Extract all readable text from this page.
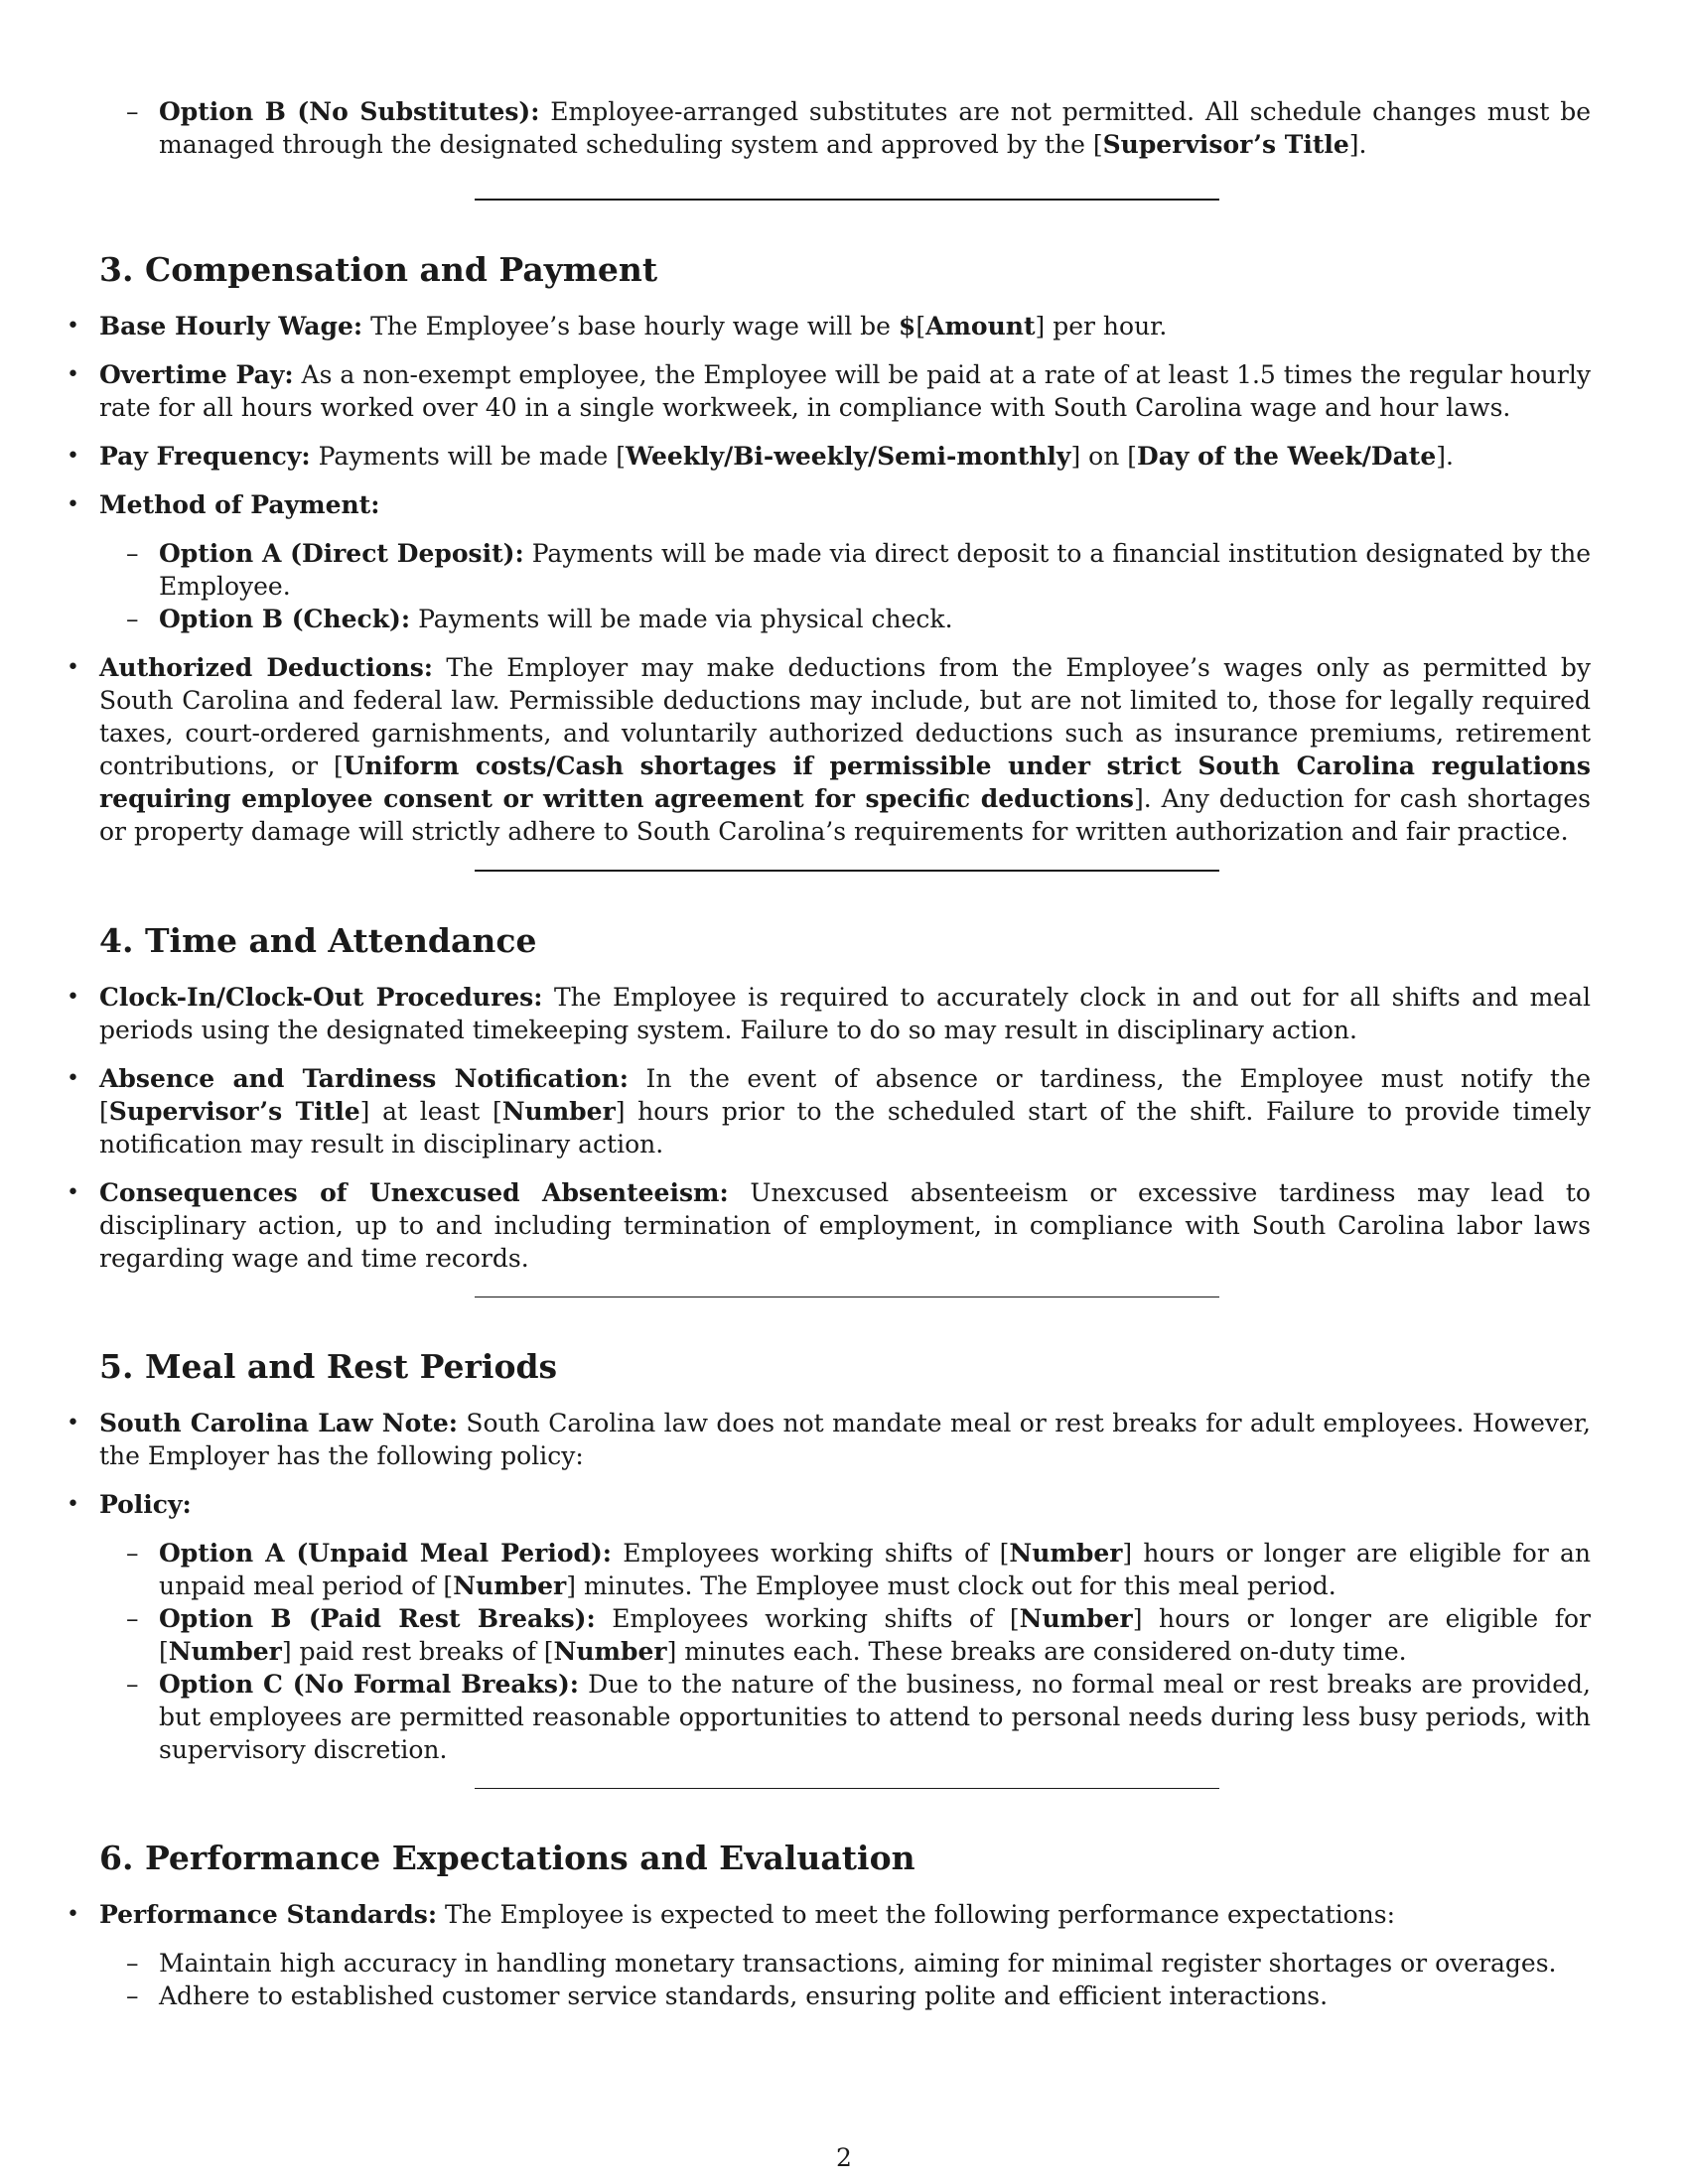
– Option B (No Substitutes): Employee-arranged substitutes are not permitted. All schedule changes must be managed through the designated scheduling system and approved by the [Supervisor’s Title].
3. Compensation and Payment
• Base Hourly Wage: The Employee’s base hourly wage will be $[Amount] per hour.
• Overtime Pay: As a non-exempt employee, the Employee will be paid at a rate of at least 1.5 times the regular hourly rate for all hours worked over 40 in a single workweek, in compliance with South Carolina wage and hour laws.
• Pay Frequency: Payments will be made [Weekly/Bi-weekly/Semi-monthly] on [Day of the Week/Date].
• Method of Payment:
– Option A (Direct Deposit): Payments will be made via direct deposit to a financial institution designated by the Employee.
– Option B (Check): Payments will be made via physical check.
• Authorized Deductions: The Employer may make deductions from the Employee’s wages only as permitted by South Carolina and federal law. Permissible deductions may include, but are not limited to, those for legally required taxes, court-ordered garnishments, and voluntarily authorized deductions such as insurance premiums, retirement contributions, or [Uniform costs/Cash shortages if permissible under strict South Carolina regulations requiring employee consent or written agreement for specific deductions]. Any deduction for cash shortages or property damage will strictly adhere to South Carolina’s requirements for written authorization and fair practice.
4. Time and Attendance
• Clock-In/Clock-Out Procedures: The Employee is required to accurately clock in and out for all shifts and meal periods using the designated timekeeping system. Failure to do so may result in disciplinary action.
• Absence and Tardiness Notification: In the event of absence or tardiness, the Employee must notify the [Supervisor’s Title] at least [Number] hours prior to the scheduled start of the shift. Failure to provide timely notification may result in disciplinary action.
• Consequences of Unexcused Absenteeism: Unexcused absenteeism or excessive tardiness may lead to disciplinary action, up to and including termination of employment, in compliance with South Carolina labor laws regarding wage and time records.
5. Meal and Rest Periods
• South Carolina Law Note: South Carolina law does not mandate meal or rest breaks for adult employees. However, the Employer has the following policy:
• Policy:
– Option A (Unpaid Meal Period): Employees working shifts of [Number] hours or longer are eligible for an unpaid meal period of [Number] minutes. The Employee must clock out for this meal period.
– Option B (Paid Rest Breaks): Employees working shifts of [Number] hours or longer are eligible for [Number] paid rest breaks of [Number] minutes each. These breaks are considered on-duty time.
– Option C (No Formal Breaks): Due to the nature of the business, no formal meal or rest breaks are provided, but employees are permitted reasonable opportunities to attend to personal needs during less busy periods, with supervisory discretion.
6. Performance Expectations and Evaluation
• Performance Standards: The Employee is expected to meet the following performance expectations:
– Maintain high accuracy in handling monetary transactions, aiming for minimal register shortages or overages.
– Adhere to established customer service standards, ensuring polite and efficient interactions.
2
